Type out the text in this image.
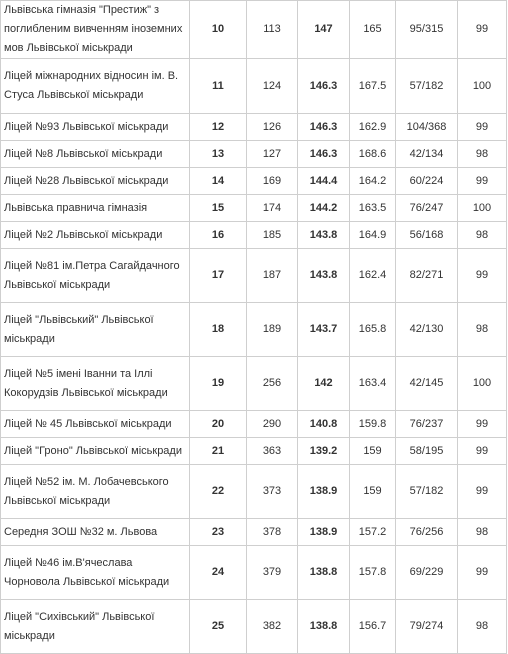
Львівська гімназія "Престиж" з поглибленим вивченням іноземних мов Львівської міськради	10	113	147	165	95/315	99
Ліцей міжнародних відносин ім. В. Стуса Львівської міськради	11	124	146.3	167.5	57/182	100
Ліцей №93 Львівської міськради	12	126	146.3	162.9	104/368	99
Ліцей №8 Львівської міськради	13	127	146.3	168.6	42/134	98
Ліцей №28 Львівської міськради	14	169	144.4	164.2	60/224	99
Львівська правнича гімназія	15	174	144.2	163.5	76/247	100
Ліцей №2 Львівської міськради	16	185	143.8	164.9	56/168	98
Ліцей №81 ім.Петра Сагайдачного Львівської міськради	17	187	143.8	162.4	82/271	99
Ліцей "Львівський" Львівської міськради	18	189	143.7	165.8	42/130	98
Ліцей №5 імені Іванни та Іллі Кокорудзів Львівської міськради	19	256	142	163.4	42/145	100
Ліцей № 45 Львівської міськради	20	290	140.8	159.8	76/237	99
Ліцей "Гроно" Львівської міськради	21	363	139.2	159	58/195	99
Ліцей №52 ім. М. Лобачевського Львівської міськради	22	373	138.9	159	57/182	99
Середня ЗОШ №32 м. Львова	23	378	138.9	157.2	76/256	98
Ліцей №46 ім.В'ячеслава Чорновола Львівської міськради	24	379	138.8	157.8	69/229	99
Ліцей "Сихівський" Львівської міськради	25	382	138.8	156.7	79/274	98
